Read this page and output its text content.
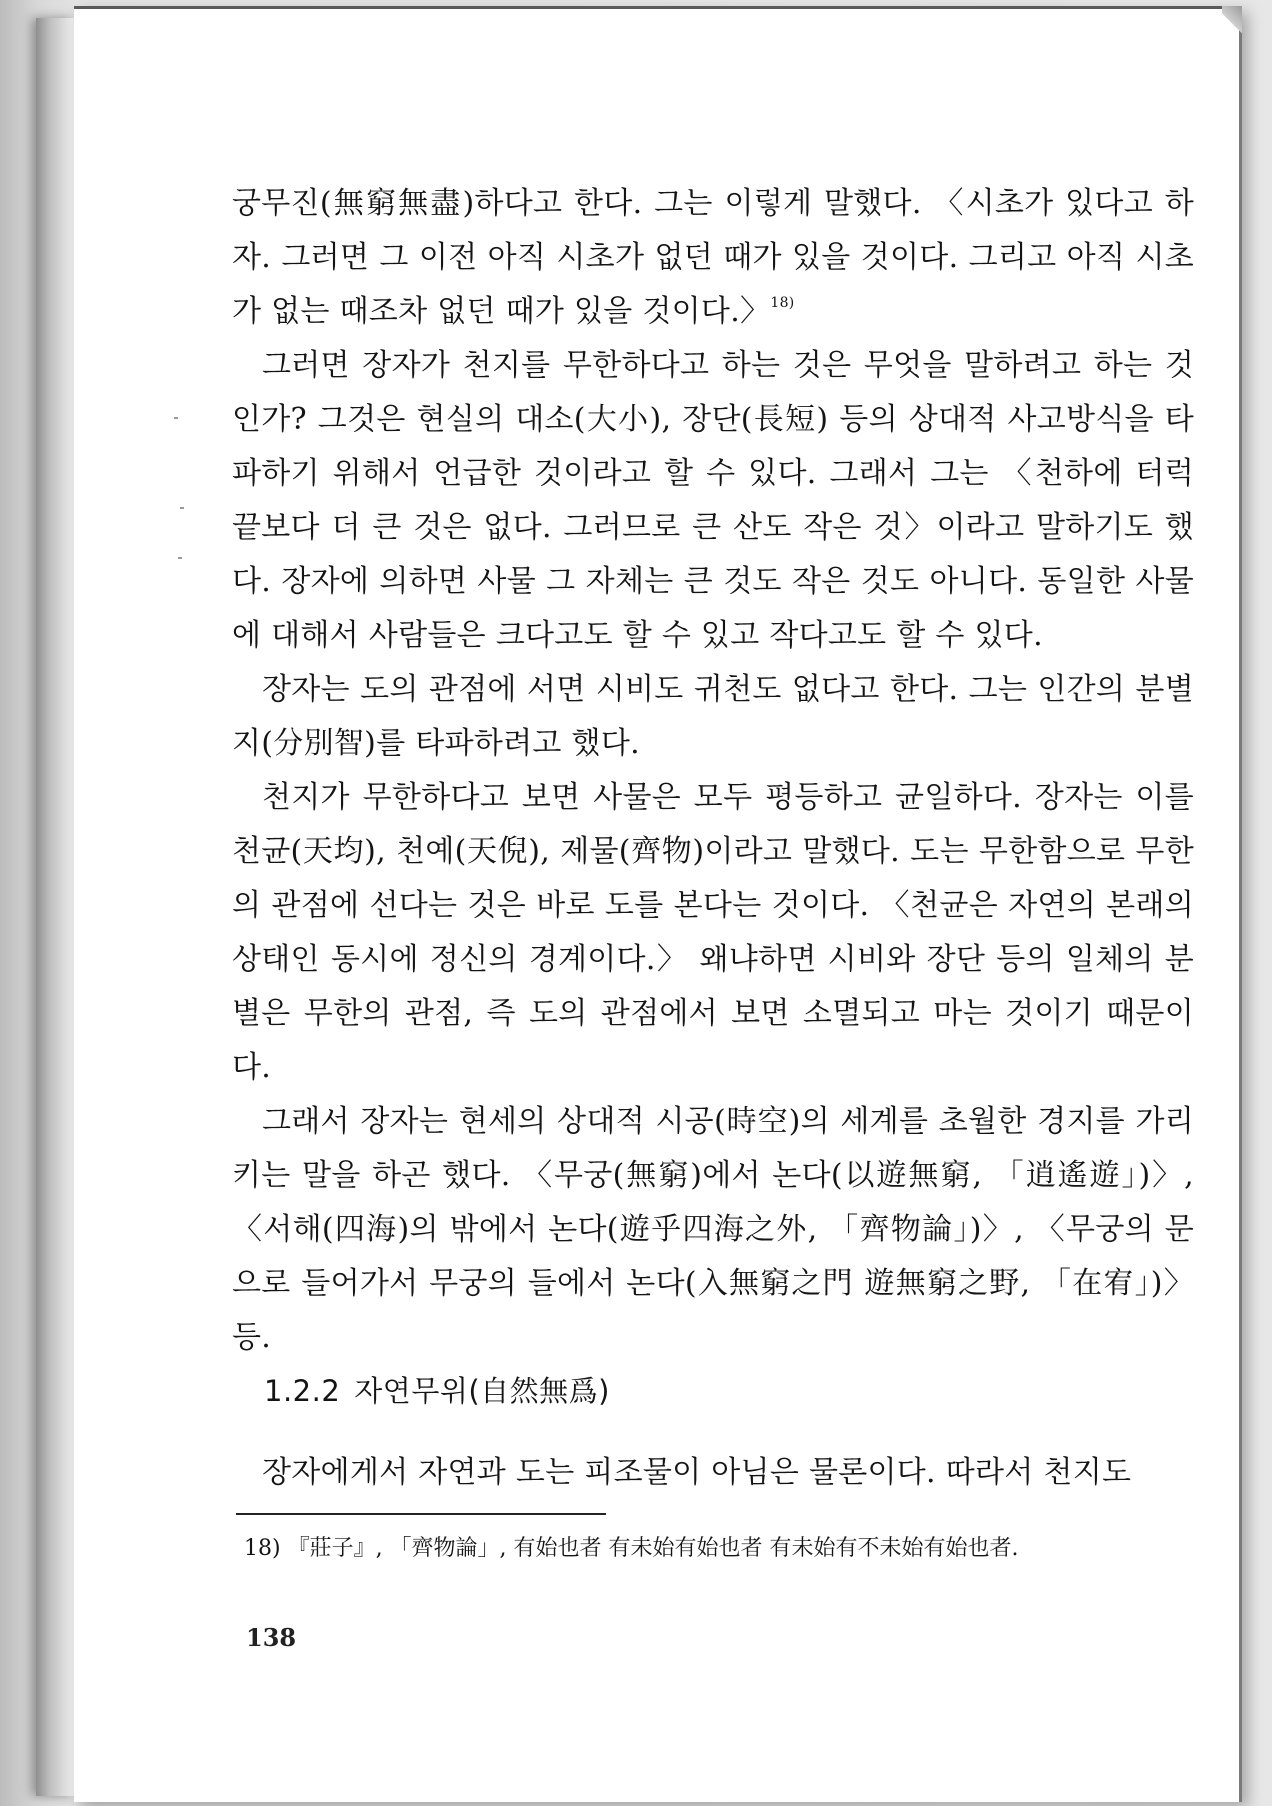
궁무진(無窮無盡)하다고 한다. 그는 이렇게 말했다. 〈시초가 있다고 하자. 그러면 그 이전 아직 시초가 없던 때가 있을 것이다. 그리고 아직 시초가 없는 때조차 없던 때가 있을 것이다.〉$^{18)}$

그러면 장자가 천지를 무한하다고 하는 것은 무엇을 말하려고 하는 것인가? 그것은 현실의 대소(大小), 장단(長短) 등의 상대적 사고방식을 타파하기 위해서 언급한 것이라고 할 수 있다. 그래서 그는 〈천하에 터럭 끝보다 더 큰 것은 없다. 그러므로 큰 산도 작은 것〉이라고 말하기도 했다. 장자에 의하면 사물 그 자체는 큰 것도 작은 것도 아니다. 동일한 사물에 대해서 사람들은 크다고도 할 수 있고 작다고도 할 수 있다.

장자는 도의 관점에 서면 시비도 귀천도 없다고 한다. 그는 인간의 분별지(分別智)를 타파하려고 했다.

천지가 무한하다고 보면 사물은 모두 평등하고 균일하다. 장자는 이를 천균(天均), 천예(天倪), 제물(齊物)이라고 말했다. 도는 무한함으로 무한의 관점에 선다는 것은 바로 도를 본다는 것이다. 〈천균은 자연의 본래의 상태인 동시에 정신의 경계이다.〉 왜냐하면 시비와 장단 등의 일체의 분별은 무한의 관점, 즉 도의 관점에서 보면 소멸되고 마는 것이기 때문이다.

그래서 장자는 현세의 상대적 시공(時空)의 세계를 초월한 경지를 가리키는 말을 하곤 했다. 〈무궁(無窮)에서 논다(以遊無窮, 「逍遙遊」)〉, 〈서해(四海)의 밖에서 논다(遊乎四海之外, 「齊物論」)〉, 〈무궁의 문으로 들어가서 무궁의 들에서 논다(入無窮之門 遊無窮之野, 「在宥」)〉 등.

1.2.2 자연무위(自然無爲)

장자에게서 자연과 도는 피조물이 아님은 물론이다. 따라서 천지도

18) 『莊子』, 「齊物論」, 有始也者 有未始有始也者 有未始有不未始有始也者.
138
